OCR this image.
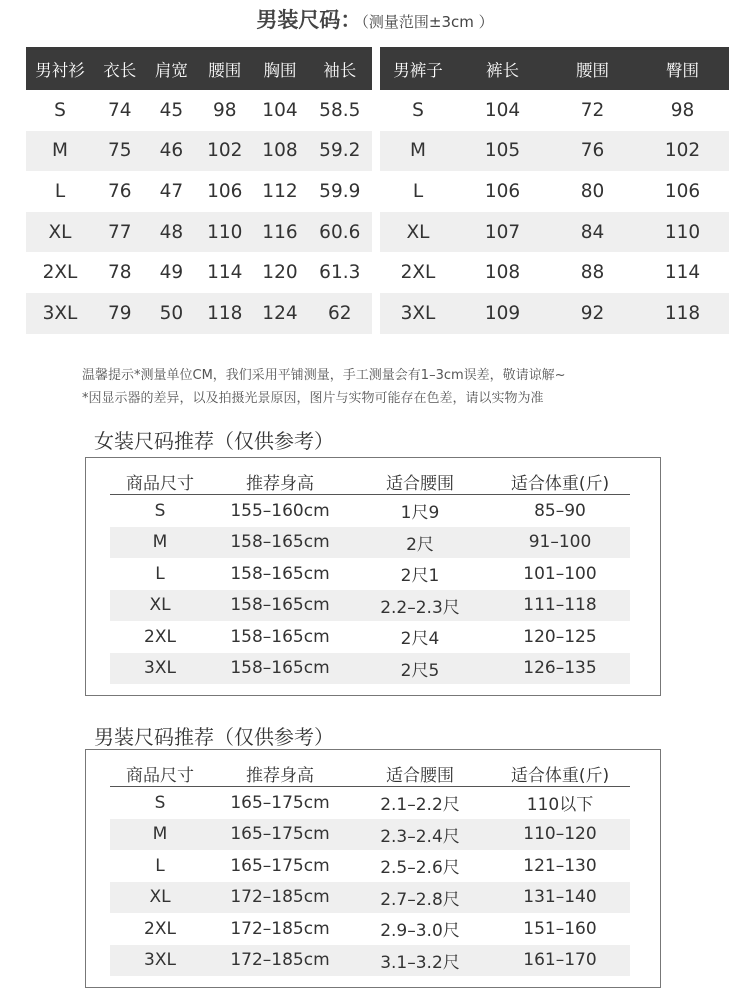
男装尺码：（测量范围±3cm ）
男衬衫	衣长	肩宽	腰围	胸围	袖长
S	74	45	98	104	58.5
M	75	46	102	108	59.2
L	76	47	106	112	59.9
XL	77	48	110	116	60.6
2XL	78	49	114	120	61.3
3XL	79	50	118	124	62
男裤子	裤长	腰围	臀围
S	104	72	98
M	105	76	102
L	106	80	106
XL	107	84	110
2XL	108	88	114
3XL	109	92	118
温馨提示*测量单位CM，我们采用平铺测量，手工测量会有1–3cm误差，敬请谅解~
*因显示器的差异，以及拍摄光景原因，图片与实物可能存在色差，请以实物为准
女装尺码推荐（仅供参考）
商品尺寸	推荐身高	适合腰围	适合体重(斤)
S	155–160cm	1尺9	85–90
M	158–165cm	2尺	91–100
L	158–165cm	2尺1	101–100
XL	158–165cm	2.2–2.3尺	111–118
2XL	158–165cm	2尺4	120–125
3XL	158–165cm	2尺5	126–135
男装尺码推荐（仅供参考）
商品尺寸	推荐身高	适合腰围	适合体重(斤)
S	165–175cm	2.1–2.2尺	110以下
M	165–175cm	2.3–2.4尺	110–120
L	165–175cm	2.5–2.6尺	121–130
XL	172–185cm	2.7–2.8尺	131–140
2XL	172–185cm	2.9–3.0尺	151–160
3XL	172–185cm	3.1–3.2尺	161–170
